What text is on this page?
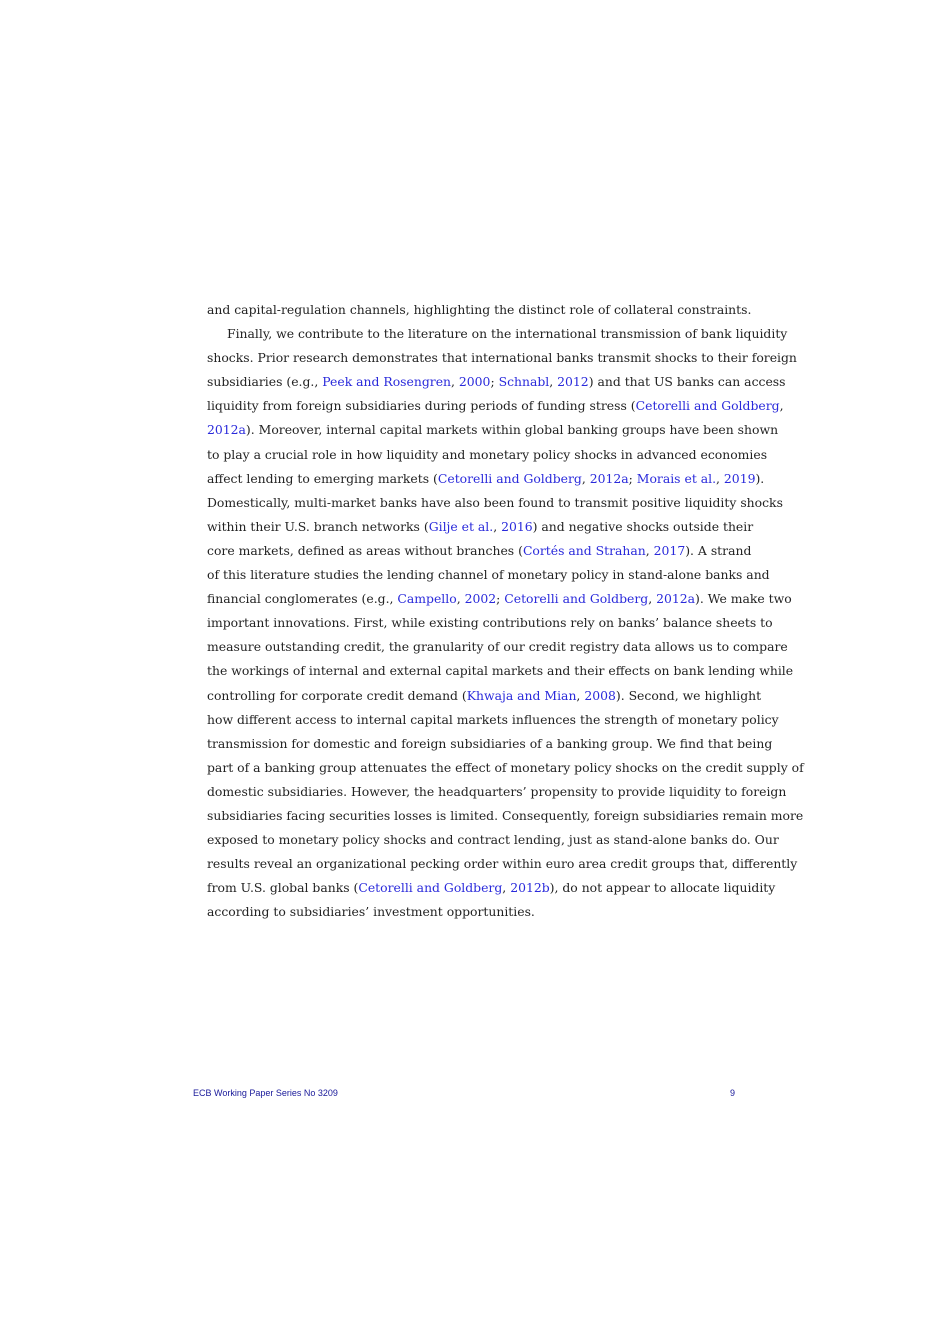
and capital-regulation channels, highlighting the distinct role of collateral constraints.
Finally, we contribute to the literature on the international transmission of bank liquidity
shocks. Prior research demonstrates that international banks transmit shocks to their foreign
subsidiaries (e.g., Peek and Rosengren, 2000; Schnabl, 2012) and that US banks can access
liquidity from foreign subsidiaries during periods of funding stress (Cetorelli and Goldberg,
2012a). Moreover, internal capital markets within global banking groups have been shown
to play a crucial role in how liquidity and monetary policy shocks in advanced economies
affect lending to emerging markets (Cetorelli and Goldberg, 2012a; Morais et al., 2019).
Domestically, multi-market banks have also been found to transmit positive liquidity shocks
within their U.S. branch networks (Gilje et al., 2016) and negative shocks outside their
core markets, defined as areas without branches (Cortés and Strahan, 2017). A strand
of this literature studies the lending channel of monetary policy in stand-alone banks and
financial conglomerates (e.g., Campello, 2002; Cetorelli and Goldberg, 2012a). We make two
important innovations. First, while existing contributions rely on banks’ balance sheets to
measure outstanding credit, the granularity of our credit registry data allows us to compare
the workings of internal and external capital markets and their effects on bank lending while
controlling for corporate credit demand (Khwaja and Mian, 2008). Second, we highlight
how different access to internal capital markets influences the strength of monetary policy
transmission for domestic and foreign subsidiaries of a banking group. We find that being
part of a banking group attenuates the effect of monetary policy shocks on the credit supply of
domestic subsidiaries. However, the headquarters’ propensity to provide liquidity to foreign
subsidiaries facing securities losses is limited. Consequently, foreign subsidiaries remain more
exposed to monetary policy shocks and contract lending, just as stand-alone banks do. Our
results reveal an organizational pecking order within euro area credit groups that, differently
from U.S. global banks (Cetorelli and Goldberg, 2012b), do not appear to allocate liquidity
according to subsidiaries’ investment opportunities.
ECB Working Paper Series No 3209	9
